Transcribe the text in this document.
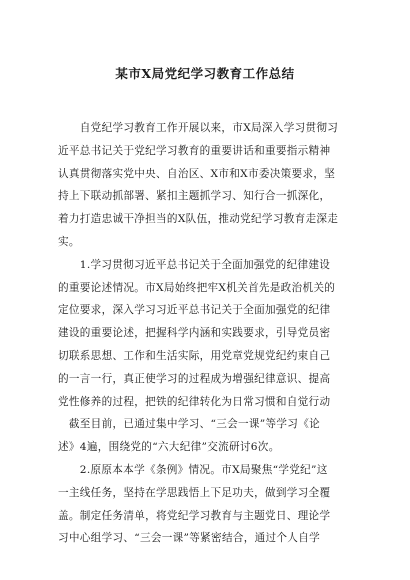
某市X局党纪学习教育工作总结

　　自党纪学习教育工作开展以来，市X局深入学习贯彻习
近平总书记关于党纪学习教育的重要讲话和重要指示精神
认真贯彻落实党中央、自治区、X市和X市委决策要求，坚
持上下联动抓部署、紧扣主题抓学习、知行合一抓深化，
着力打造忠诚干净担当的X队伍，推动党纪学习教育走深走
实。

　　1.学习贯彻习近平总书记关于全面加强党的纪律建设
的重要论述情况。市X局始终把牢X机关首先是政治机关的
定位要求，深入学习习近平总书记关于全面加强党的纪律
建设的重要论述，把握科学内涵和实践要求，引导党员密
切联系思想、工作和生活实际，用党章党规党纪约束自己
的一言一行，真正使学习的过程成为增强纪律意识、提高
党性修养的过程，把铁的纪律转化为日常习惯和自觉行动
　截至目前，已通过集中学习、“三会一课”等学习《论
述》4遍，围绕党的“六大纪律”交流研讨6次。

　　2.原原本本学《条例》情况。市X局聚焦“学党纪”这
一主线任务，坚持在学思践悟上下足功夫，做到学习全覆
盖。制定任务清单，将党纪学习教育与主题党日、理论学
习中心组学习、“三会一课”等紧密结合，通过个人自学
